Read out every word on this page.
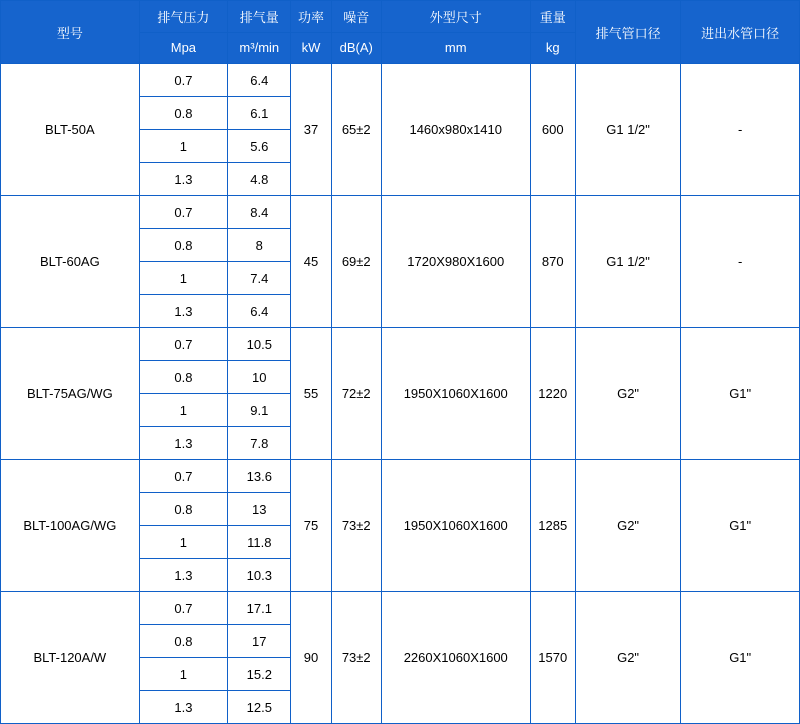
型号	排气压力	排气量	功率	噪音	外型尺寸	重量	排气管口径	进出水管口径
	Mpa	m³/min	kW	dB(A)	mm	kg		
BLT-50A	0.7	6.4	37	65±2	1460x980x1410	600	G1 1/2"	-
	0.8	6.1						
	1	5.6						
	1.3	4.8						
BLT-60AG	0.7	8.4	45	69±2	1720X980X1600	870	G1 1/2"	-
	0.8	8						
	1	7.4						
	1.3	6.4						
BLT-75AG/WG	0.7	10.5	55	72±2	1950X1060X1600	1220	G2"	G1"
	0.8	10						
	1	9.1						
	1.3	7.8						
BLT-100AG/WG	0.7	13.6	75	73±2	1950X1060X1600	1285	G2"	G1"
	0.8	13						
	1	11.8						
	1.3	10.3						
BLT-120A/W	0.7	17.1	90	73±2	2260X1060X1600	1570	G2"	G1"
	0.8	17						
	1	15.2						
	1.3	12.5						
